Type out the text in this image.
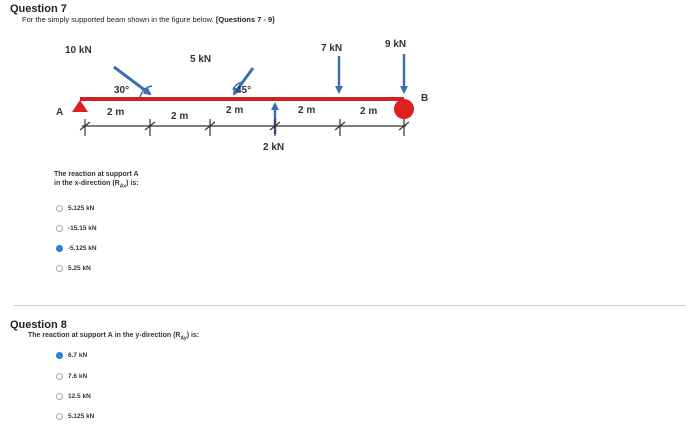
Question 7
For the simply supported beam shown in the figure below. [Questions 7 - 9]
10 kN
5 kN
7 kN	9 kN
2 kN
30°	45°
A
B
2 m	2 m
2 m	2 m	2 m
The reaction at support A
in the x-direction $(R_{Ax})$ is:
5.125 kN
-15.15 kN
-5.125 kN
5.25 kN
Question 8
The reaction at support A in the y-direction $(R_{Ay})$ is:
6.7 kN
7.6 kN
12.5 kN
5.125 kN
